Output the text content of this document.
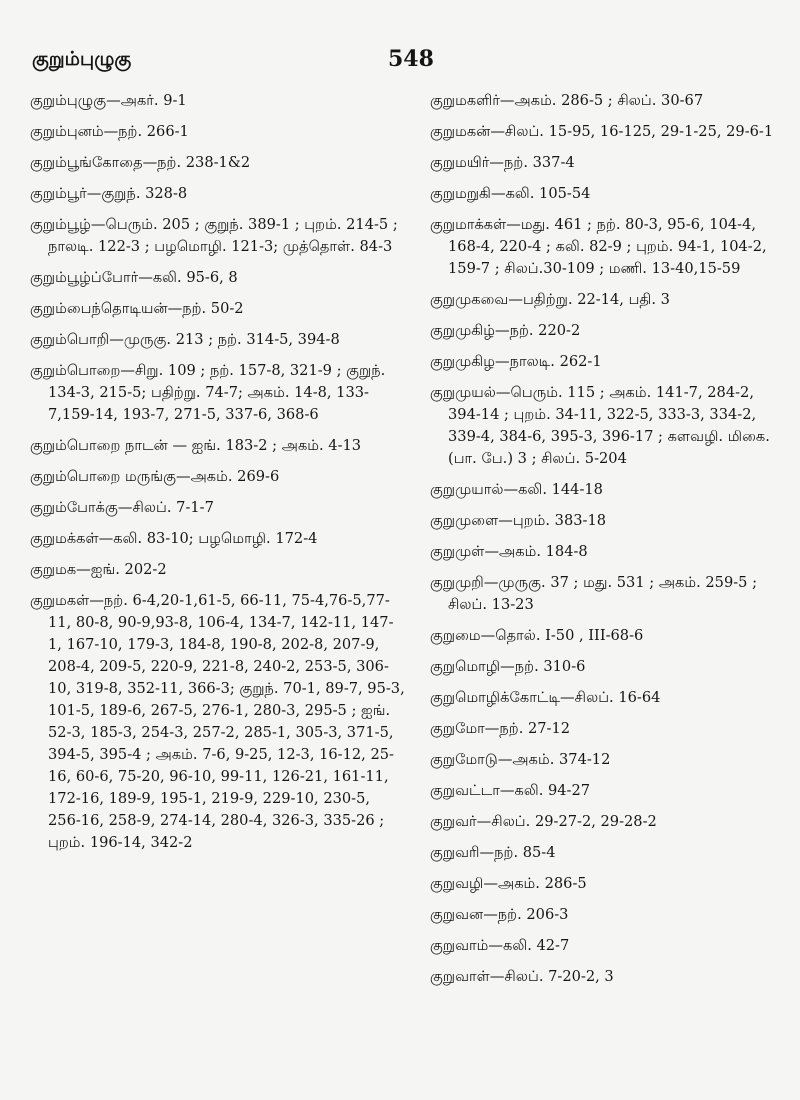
குறும்புழுகு	548
குறும்புழுகு—அகர். 9-1
குறும்புனம்—நற். 266-1
குறும்பூங்கோதை—நற். 238-1&2
குறும்பூர்—குறுந். 328-8
குறும்பூழ்—பெரும். 205 ; குறுந். 389-1 ; புறம். 214-5 ; நாலடி. 122-3 ; பழமொழி. 121-3; முத்தொள். 84-3
குறும்பூழ்ப்போர்—கலி. 95-6, 8
குறும்பைந்தொடியன்—நற். 50-2
குறும்பொறி—முருகு. 213 ; நற். 314-5, 394-8
குறும்பொறை—சிறு. 109 ; நற். 157-8, 321-9 ; குறுந். 134-3, 215-5; பதிற்று. 74-7; அகம். 14-8, 133-7,159-14, 193-7, 271-5, 337-6, 368-6
குறும்பொறை நாடன் — ஐங். 183-2 ; அகம். 4-13
குறும்பொறை மருங்கு—அகம். 269-6
குறும்போக்கு—சிலப். 7-1-7
குறுமக்கள்—கலி. 83-10; பழமொழி. 172-4
குறுமக—ஐங். 202-2
குறுமகள்—நற். 6-4,20-1,61-5, 66-11, 75-4,76-5,77-11, 80-8, 90-9,93-8, 106-4, 134-7, 142-11, 147-1, 167-10, 179-3, 184-8, 190-8, 202-8, 207-9, 208-4, 209-5, 220-9, 221-8, 240-2, 253-5, 306-10, 319-8, 352-11, 366-3; குறுந். 70-1, 89-7, 95-3, 101-5, 189-6, 267-5, 276-1, 280-3, 295-5 ; ஐங். 52-3, 185-3, 254-3, 257-2, 285-1, 305-3, 371-5, 394-5, 395-4 ; அகம். 7-6, 9-25, 12-3, 16-12, 25-16, 60-6, 75-20, 96-10, 99-11, 126-21, 161-11, 172-16, 189-9, 195-1, 219-9, 229-10, 230-5, 256-16, 258-9, 274-14, 280-4, 326-3, 335-26 ; புறம். 196-14, 342-2
குறுமகளிர்—அகம். 286-5 ; சிலப். 30-67
குறுமகன்—சிலப். 15-95, 16-125, 29-1-25, 29-6-1
குறுமயிர்—நற். 337-4
குறுமறுகி—கலி. 105-54
குறுமாக்கள்—மது. 461 ; நற். 80-3, 95-6, 104-4, 168-4, 220-4 ; கலி. 82-9 ; புறம். 94-1, 104-2, 159-7 ; சிலப்.30-109 ; மணி. 13-40,15-59
குறுமுகவை—பதிற்று. 22-14, பதி. 3
குறுமுகிழ்—நற். 220-2
குறுமுகிழ—நாலடி. 262-1
குறுமுயல்—பெரும். 115 ; அகம். 141-7, 284-2, 394-14 ; புறம். 34-11, 322-5, 333-3, 334-2, 339-4, 384-6, 395-3, 396-17 ; களவழி. மிகை. (பா. பே.) 3 ; சிலப். 5-204
குறுமுயால்—கலி. 144-18
குறுமுளை—புறம். 383-18
குறுமுள்—அகம். 184-8
குறுமுறி—முருகு. 37 ; மது. 531 ; அகம். 259-5 ; சிலப். 13-23
குறுமை—தொல். I-50 , III-68-6
குறுமொழி—நற். 310-6
குறுமொழிக்கோட்டி—சிலப். 16-64
குறுமோ—நற். 27-12
குறுமோடு—அகம். 374-12
குறுவட்டா—கலி. 94-27
குறுவர்—சிலப். 29-27-2, 29-28-2
குறுவரி—நற். 85-4
குறுவழி—அகம். 286-5
குறுவன—நற். 206-3
குறுவாம்—கலி. 42-7
குறுவாள்—சிலப். 7-20-2, 3
